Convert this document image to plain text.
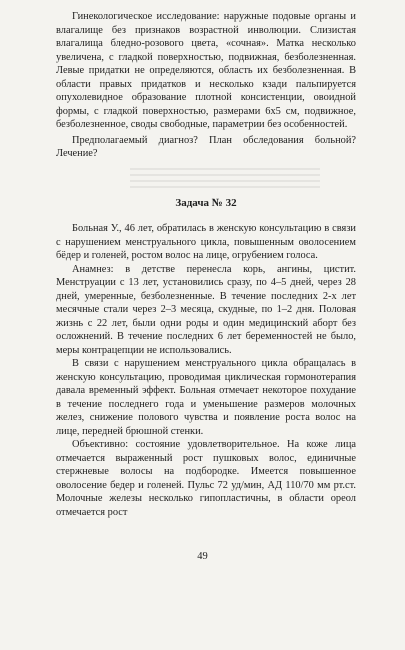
Гинекологическое исследование: наружные подовые органы и влагалище без признаков возрастной инволюции. Слизистая влагалища бледно-розового цвета, «сочная». Матка несколько увеличена, с гладкой поверхностью, подвижная, безболезненная. Левые придатки не определяются, область их безболезненная. В области правых придатков и несколько кзади пальпируется опухолевидное образование плотной консистенции, овоидной формы, с гладкой поверхностью, размерами 6х5 см, подвижное, безболезненное, своды свободные, параметрии без особенностей.

Предполагаемый диагноз? План обследования больной? Лечение?

Задача № 32

Больная У., 46 лет, обратилась в женскую консультацию в связи с нарушением менструального цикла, повышенным оволосением бёдер и голеней, ростом волос на лице, огрубением голоса.

Анамнез: в детстве перенесла корь, ангины, цистит. Менструации с 13 лет, установились сразу, по 4–5 дней, через 28 дней, умеренные, безболезненные. В течение последних 2-х лет месячные стали через 2–3 месяца, скудные, по 1–2 дня. Половая жизнь с 22 лет, были одни роды и один медицинский аборт без осложнений. В течение последних 6 лет беременностей не было, меры контрацепции не использовались.

В связи с нарушением менструального цикла обращалась в женскую консультацию, проводимая циклическая гормонотерапия давала временный эффект. Больная отмечает некоторое похудание в течение последнего года и уменьшение размеров молочных желез, снижение полового чувства и появление роста волос на лице, передней брюшной стенки.

Объективно: состояние удовлетворительное. На коже лица отмечается выраженный рост пушковых волос, единичные стержневые волосы на подбородке. Имеется повышенное оволосение бедер и голеней. Пульс 72 уд/мин, АД 110/70 мм рт.ст. Молочные железы несколько гипопластичны, в области ореол отмечается рост

49
